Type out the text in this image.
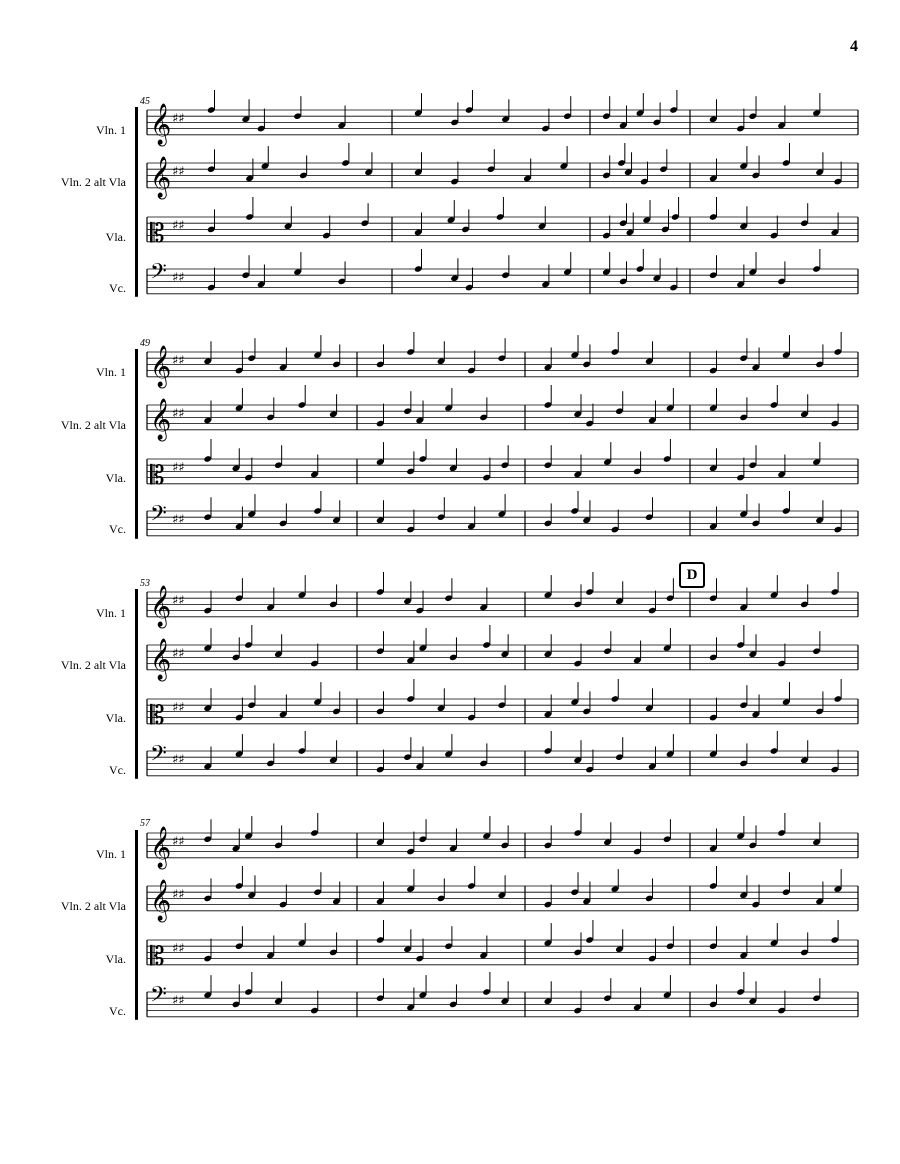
4
𝄞 ♯♯
𝄞 ♯♯
𝄡 ♯♯
𝄢 ♯♯
𝄞 ♯♯
𝄞 ♯♯
𝄡 ♯♯
𝄢 ♯♯
𝄞 ♯♯
𝄞 ♯♯
𝄡 ♯♯
𝄢 ♯♯
𝄞 ♯♯
𝄞 ♯♯
𝄡 ♯♯
𝄢 ♯♯
D
45
49
53
57
Vln. 1
Vln. 2 alt Vla
Vla.
Vc.
Vln. 1
Vln. 2 alt Vla
Vla.
Vc.
Vln. 1
Vln. 2 alt Vla
Vla.
Vc.
Vln. 1
Vln. 2 alt Vla
Vla.
Vc.
